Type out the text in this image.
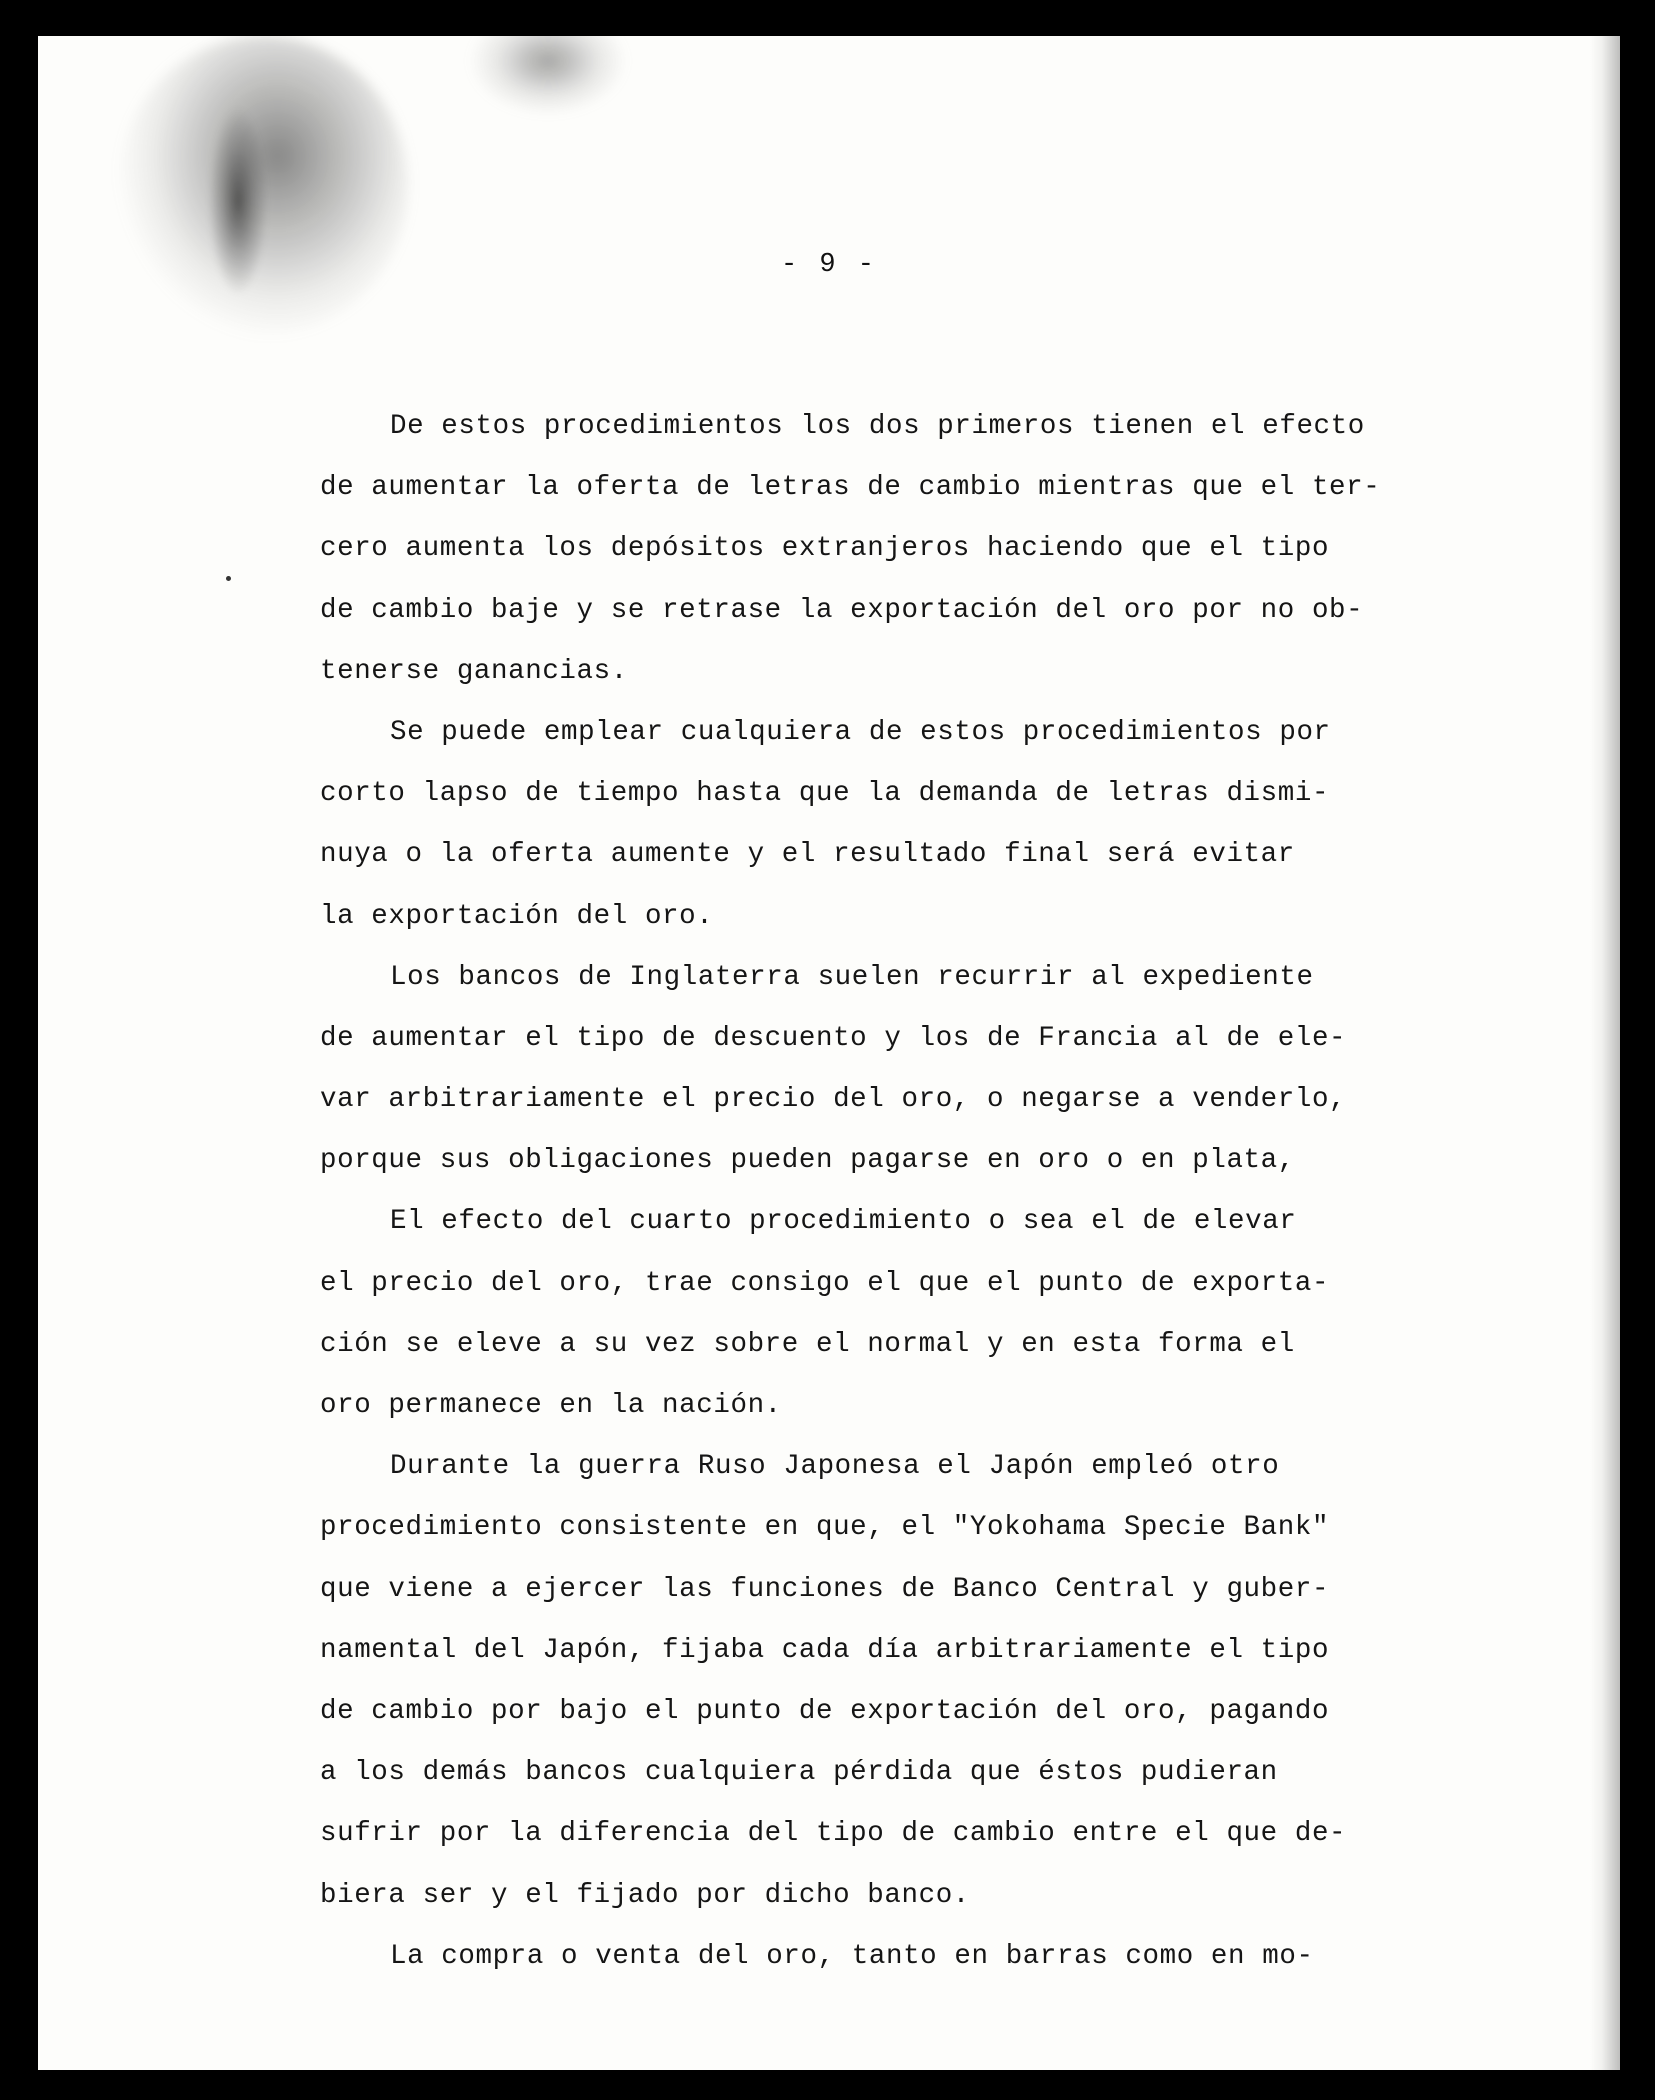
- 9 -
De estos procedimientos los dos primeros tienen el efecto
de aumentar la oferta de letras de cambio mientras que el ter-
cero aumenta los depósitos extranjeros haciendo que el tipo
de cambio baje y se retrase la exportación del oro por no ob-
tenerse ganancias.
Se puede emplear cualquiera de estos procedimientos por
corto lapso de tiempo hasta que la demanda de letras dismi-
nuya o la oferta aumente y el resultado final será evitar
la exportación del oro.
Los bancos de Inglaterra suelen recurrir al expediente
de aumentar el tipo de descuento y los de Francia al de ele-
var arbitrariamente el precio del oro, o negarse a venderlo,
porque sus obligaciones pueden pagarse en oro o en plata,
El efecto del cuarto procedimiento o sea el de elevar
el precio del oro, trae consigo el que el punto de exporta-
ción se eleve a su vez sobre el normal y en esta forma el
oro permanece en la nación.
Durante la guerra Ruso Japonesa el Japón empleó otro
procedimiento consistente en que, el "Yokohama Specie Bank"
que viene a ejercer las funciones de Banco Central y guber-
namental del Japón, fijaba cada día arbitrariamente el tipo
de cambio por bajo el punto de exportación del oro, pagando
a los demás bancos cualquiera pérdida que éstos pudieran
sufrir por la diferencia del tipo de cambio entre el que de-
biera ser y el fijado por dicho banco.
La compra o venta del oro, tanto en barras como en mo-
